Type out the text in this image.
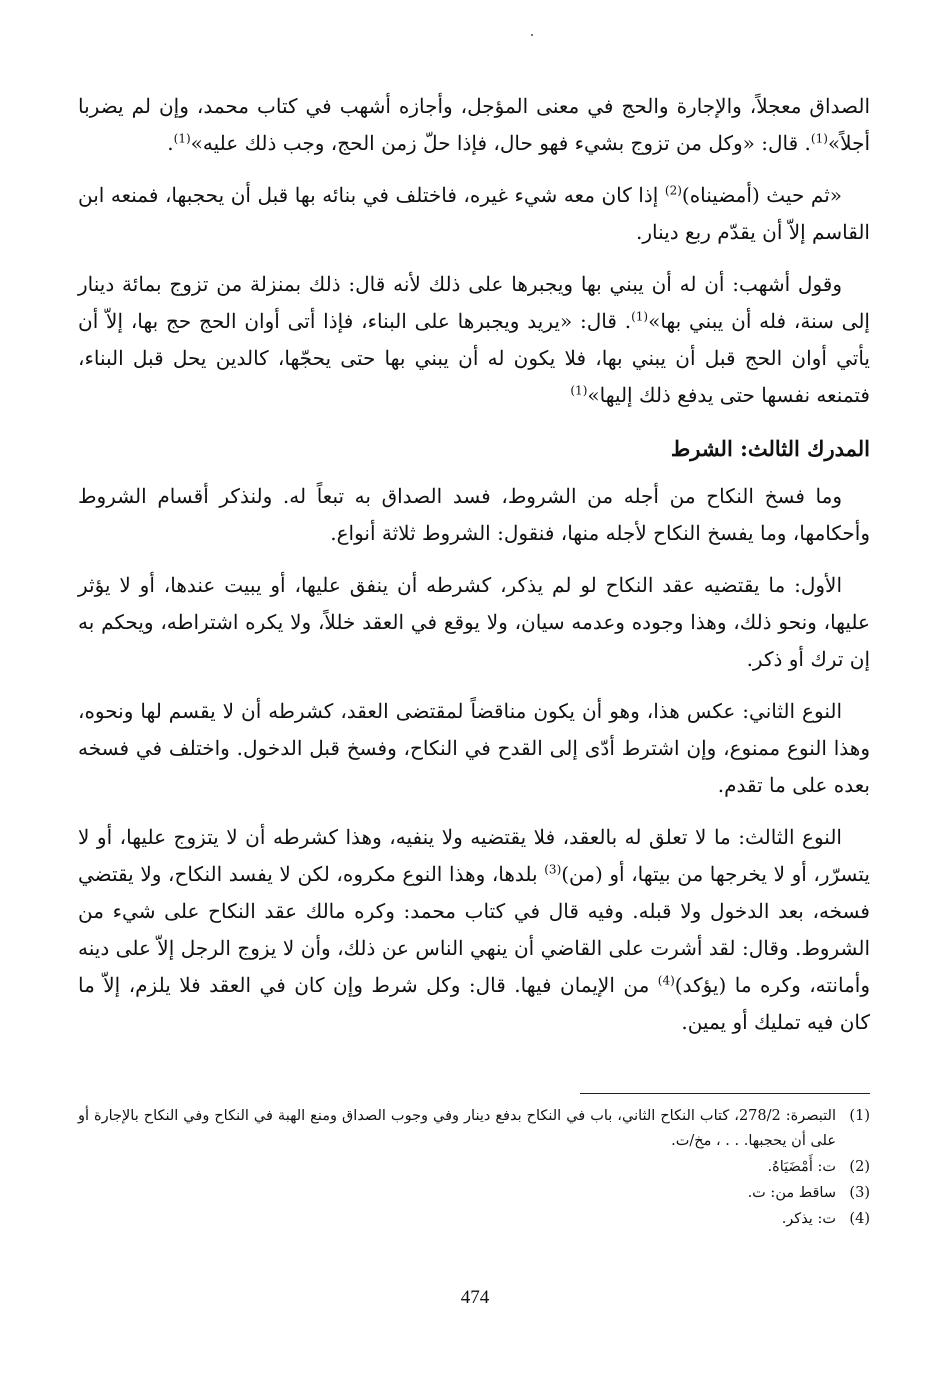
الصداق معجلاً، والإجارة والحج في معنى المؤجل، وأجازه أشهب في كتاب محمد، وإن لم يضربا أجلاً»$^{(1)}$. قال: «وكل من تزوج بشيء فهو حال، فإذا حلّ زمن الحج، وجب ذلك عليه»$^{(1)}$.

«ثم حيث (أمضيناه)$^{(2)}$ إذا كان معه شيء غيره، فاختلف في بنائه بها قبل أن يحجبها، فمنعه ابن القاسم إلاّ أن يقدّم ربع دينار.

وقول أشهب: أن له أن يبني بها ويجبرها على ذلك لأنه قال: ذلك بمنزلة من تزوج بمائة دينار إلى سنة، فله أن يبني بها»$^{(1)}$. قال: «يريد ويجبرها على البناء، فإذا أتى أوان الحج حج بها، إلاّ أن يأتي أوان الحج قبل أن يبني بها، فلا يكون له أن يبني بها حتى يحجّها، كالدين يحل قبل البناء، فتمنعه نفسها حتى يدفع ذلك إليها»$^{(1)}$

المدرك الثالث: الشرط

وما فسخ النكاح من أجله من الشروط، فسد الصداق به تبعاً له. ولنذكر أقسام الشروط وأحكامها، وما يفسخ النكاح لأجله منها، فنقول: الشروط ثلاثة أنواع.

الأول: ما يقتضيه عقد النكاح لو لم يذكر، كشرطه أن ينفق عليها، أو يبيت عندها، أو لا يؤثر عليها، ونحو ذلك، وهذا وجوده وعدمه سيان، ولا يوقع في العقد خللاً، ولا يكره اشتراطه، ويحكم به إن ترك أو ذكر.

النوع الثاني: عكس هذا، وهو أن يكون مناقضاً لمقتضى العقد، كشرطه أن لا يقسم لها ونحوه، وهذا النوع ممنوع، وإن اشترط أدّى إلى القدح في النكاح، وفسخ قبل الدخول. واختلف في فسخه بعده على ما تقدم.

النوع الثالث: ما لا تعلق له بالعقد، فلا يقتضيه ولا ينفيه، وهذا كشرطه أن لا يتزوج عليها، أو لا يتسرّر، أو لا يخرجها من بيتها، أو (من)$^{(3)}$ بلدها، وهذا النوع مكروه، لكن لا يفسد النكاح، ولا يقتضي فسخه، بعد الدخول ولا قبله. وفيه قال في كتاب محمد: وكره مالك عقد النكاح على شيء من الشروط. وقال: لقد أشرت على القاضي أن ينهي الناس عن ذلك، وأن لا يزوج الرجل إلاّ على دينه وأمانته، وكره ما (يؤكد)$^{(4)}$ من الإيمان فيها. قال: وكل شرط وإن كان في العقد فلا يلزم، إلاّ ما كان فيه تمليك أو يمين.

(1)
التبصرة: 278/2، كتاب النكاح الثاني، باب في النكاح بدفع دينار وفي وجوب الصداق ومنع الهبة في النكاح وفي النكاح بالإجارة أو على أن يحجبها. . . ، مخ/ت.
(2)
ت: أَمْضَيَاهُ.
(3)
ساقط من: ت.
(4)
ت: يذكر.
474
